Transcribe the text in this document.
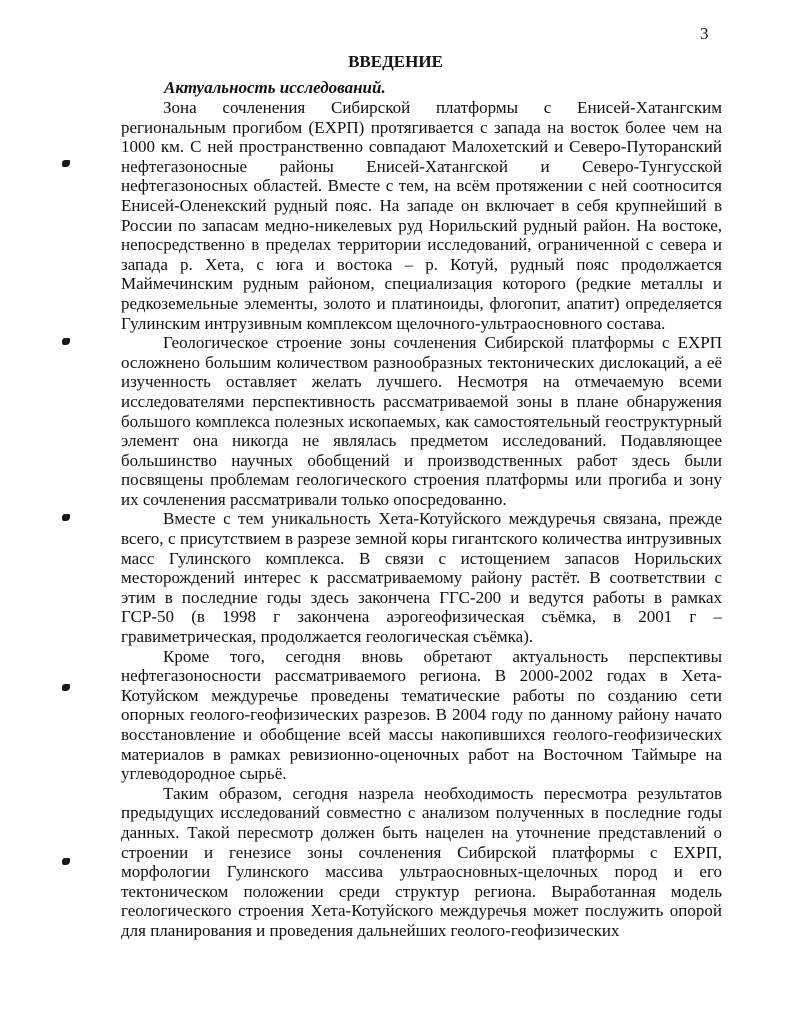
3
ВВЕДЕНИЕ
Актуальность исследований.

Зона сочленения Сибирской платформы с Енисей-Хатангским региональным прогибом (ЕХРП) протягивается с запада на восток более чем на 1000 км. С ней пространственно совпадают Малохетский и Северо-Путоранский нефтегазоносные районы Енисей-Хатангской и Северо-Тунгусской нефтегазоносных областей. Вместе с тем, на всём протяжении с ней соотносится Енисей-Оленекский рудный пояс. На западе он включает в себя крупнейший в России по запасам медно-никелевых руд Норильский рудный район. На востоке, непосредственно в пределах территории исследований, ограниченной с севера и запада р. Хета, с юга и востока – р. Котуй, рудный пояс продолжается Маймечинским рудным районом, специализация которого (редкие металлы и редкоземельные элементы, золото и платиноиды, флогопит, апатит) определяется Гулинским интрузивным комплексом щелочного-ультраосновного состава.

Геологическое строение зоны сочленения Сибирской платформы с ЕХРП осложнено большим количеством разнообразных тектонических дислокаций, а её изученность оставляет желать лучшего. Несмотря на отмечаемую всеми исследователями перспективность рассматриваемой зоны в плане обнаружения большого комплекса полезных ископаемых, как самостоятельный геоструктурный элемент она никогда не являлась предметом исследований. Подавляющее большинство научных обобщений и производственных работ здесь были посвящены проблемам геологического строения платформы или прогиба и зону их сочленения рассматривали только опосредованно.

Вместе с тем уникальность Хета-Котуйского междуречья связана, прежде всего, с присутствием в разрезе земной коры гигантского количества интрузивных масс Гулинского комплекса. В связи с истощением запасов Норильских месторождений интерес к рассматриваемому району растёт. В соответствии с этим в последние годы здесь закончена ГГС-200 и ведутся работы в рамках ГСР-50 (в 1998 г закончена аэрогеофизическая съёмка, в 2001 г – гравиметрическая, продолжается геологическая съёмка).

Кроме того, сегодня вновь обретают актуальность перспективы нефтегазоносности рассматриваемого региона. В 2000-2002 годах в Хета-Котуйском междуречье проведены тематические работы по созданию сети опорных геолого-геофизических разрезов. В 2004 году по данному району начато восстановление и обобщение всей массы накопившихся геолого-геофизических материалов в рамках ревизионно-оценочных работ на Восточном Таймыре на углеводородное сырьё.

Таким образом, сегодня назрела необходимость пересмотра результатов предыдущих исследований совместно с анализом полученных в последние годы данных. Такой пересмотр должен быть нацелен на уточнение представлений о строении и генезисе зоны сочленения Сибирской платформы с ЕХРП, морфологии Гулинского массива ультраосновных-щелочных пород и его тектоническом положении среди структур региона. Выработанная модель геологического строения Хета-Котуйского междуречья может послужить опорой для планирования и проведения дальнейших геолого-геофизических
